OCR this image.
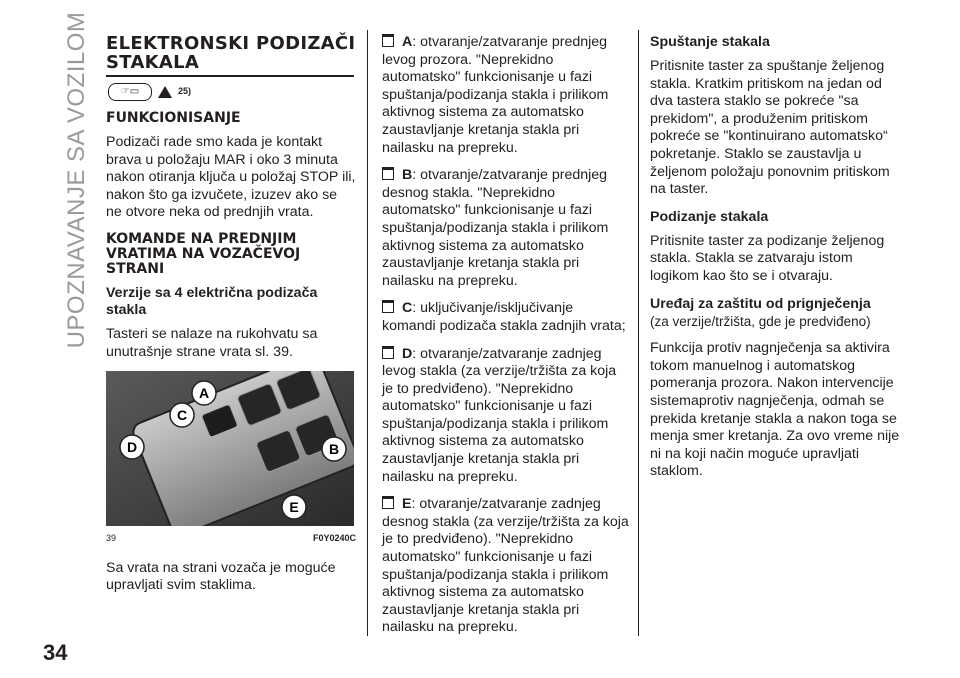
UPOZNAVANJE SA VOZILOM ELEKTRONSKI PODIZAČI STAKALA
☞▭	25)
FUNKCIONISANJE

Podizači rade smo kada je kontakt brava u položaju MAR i oko 3 minuta nakon otiranja ključa u položaj STOP ili, nakon što ga izvučete, izuzev ako se ne otvore neka od prednjih vrata.

KOMANDE NA PREDNJIM VRATIMA NA VOZAČEVOJ STRANI
Verzije sa 4 električna podizača stakla

Tasteri se nalaze na rukohvatu sa unutrašnje strane vrata sl. 39.

A
B
C
D
E
39	F0Y0240C

Sa vrata na strani vozača je moguće upravljati svim staklima.

A: otvaranje/zatvaranje prednjeg levog prozora. "Neprekidno automatsko" funkcionisanje u fazi spuštanja/podizanja stakla i prilikom aktivnog sistema za automatsko zaustavljanje kretanja stakla pri nailasku na prepreku.
B: otvaranje/zatvaranje prednjeg desnog stakla. "Neprekidno automatsko" funkcionisanje u fazi spuštanja/podizanja stakla i prilikom aktivnog sistema za automatsko zaustavljanje kretanja stakla pri nailasku na prepreku.
C: uključivanje/isključivanje komandi podizača stakla zadnjih vrata;
D: otvaranje/zatvaranje zadnjeg levog stakla (za verzije/tržišta za koja je to predviđeno). "Neprekidno automatsko" funkcionisanje u fazi spuštanja/podizanja stakla i prilikom aktivnog sistema za automatsko zaustavljanje kretanja stakla pri nailasku na prepreku.
E: otvaranje/zatvaranje zadnjeg desnog stakla (za verzije/tržišta za koja je to predviđeno). "Neprekidno automatsko" funkcionisanje u fazi spuštanja/podizanja stakla i prilikom aktivnog sistema za automatsko zaustavljanje kretanja stakla pri nailasku na prepreku.
Spuštanje stakala

Pritisnite taster za spuštanje željenog stakla. Kratkim pritiskom na jedan od dva tastera staklo se pokreće "sa prekidom", a produženim pritiskom pokreće se "kontinuirano automatsko“ pokretanje. Staklo se zaustavlja u željenom položaju ponovnim pritiskom na taster.

Podizanje stakala

Pritisnite taster za podizanje željenog stakla. Stakla se zatvaraju istom logikom kao što se i otvaraju.

Uređaj za zaštitu od prignječenja

(za verzije/tržišta, gde je predviđeno)

Funkcija protiv nagnječenja sa aktivira tokom manuelnog i automatskog pomeranja prozora. Nakon intervencije sistemaprotiv nagnječenja, odmah se prekida kretanje stakla a nakon toga se menja smer kretanja. Za ovo vreme nije ni na koji način moguće upravljati staklom.

34
